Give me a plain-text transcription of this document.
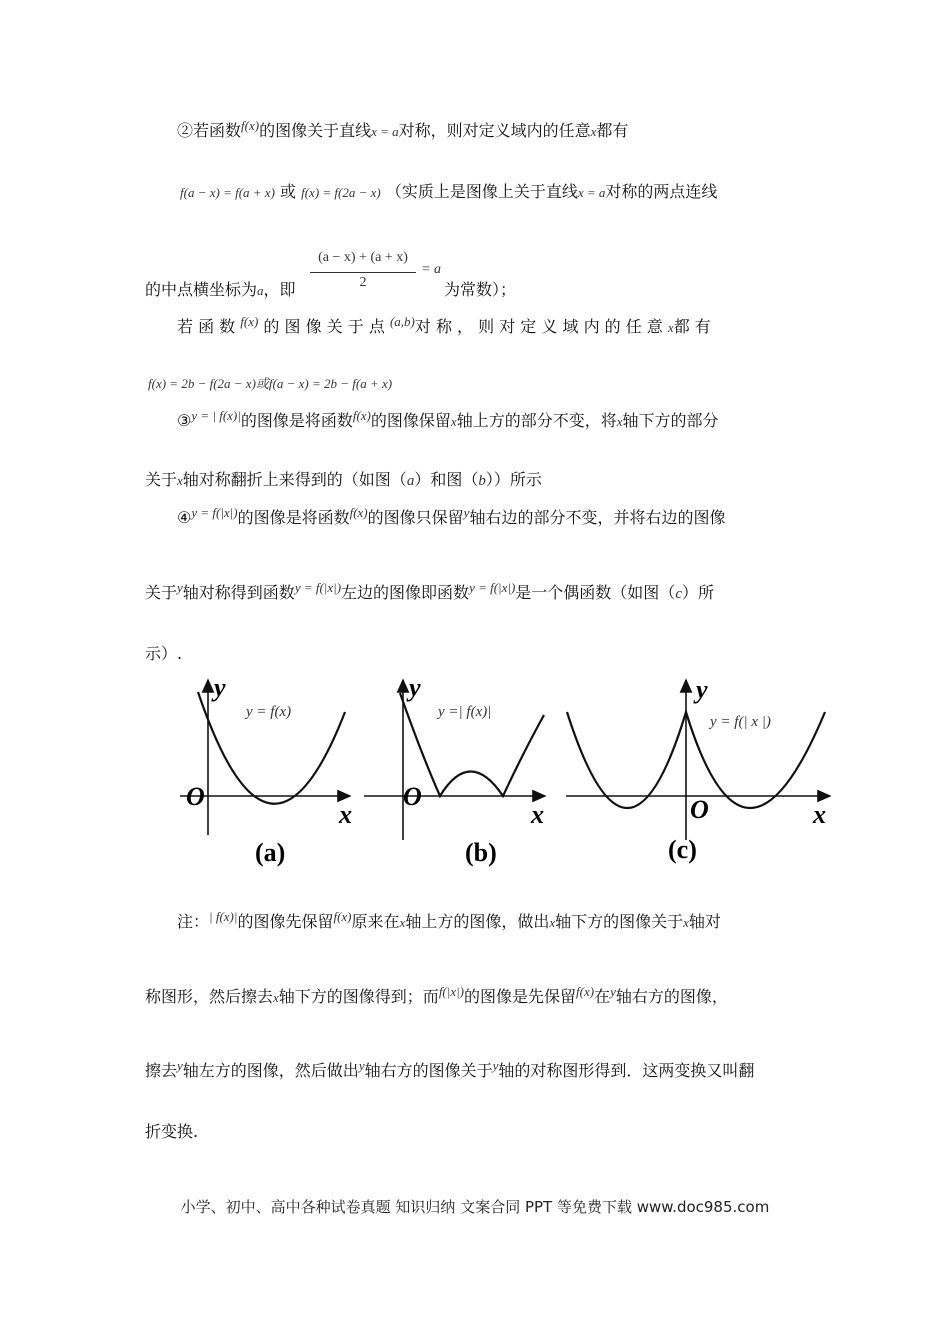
②若函数$^{f(x)}$的图像关于直线x = a对称，则对定义域内的任意x都有
f(a − x) = f(a + x) 或 f(x) = f(2a − x) （实质上是图像上关于直线x = a对称的两点连线
(a − x) + (a + x)
2
= a
的中点横坐标为a，即	为常数）；
若 函 数 $^{f(x)}$ 的 图 像 关 于 点 $^{(a,b)}$对 称 ， 则 对 定 义 域 内 的 任 意 x都 有
f(x) = 2b − f(2a − x)或f(a − x) = 2b − f(a + x)
③$^{y = | f(x)|}$的图像是将函数$^{f(x)}$的图像保留x轴上方的部分不变，将x轴下方的部分
关于x轴对称翻折上来得到的（如图（a）和图（b））所示
④$^{y = f(|x|)}$的图像是将函数$^{f(x)}$的图像只保留$^y$轴右边的部分不变，并将右边的图像
关于$^y$轴对称得到函数$^{y = f(|x|)}$左边的图像即函数$^{y = f(|x|)}$是一个偶函数（如图（c）所
示）.
y = f(x)
O
x
y
(a)
y =| f(x)|
O
x
y
(b)
y = f(| x |)
O	x
y
(c)
注：$^{| f(x)|}$的图像先保留$^{f(x)}$原来在x轴上方的图像，做出x轴下方的图像关于x轴对
称图形，然后擦去x轴下方的图像得到；而$^{f(|x|)}$的图像是先保留$^{f(x)}$在$^y$轴右方的图像，
擦去$^y$轴左方的图像，然后做出$^y$轴右方的图像关于$^y$轴的对称图形得到．这两变换又叫翻
折变换.
小学、初中、高中各种试卷真题 知识归纳 文案合同 PPT 等免费下载 www.doc985.com
